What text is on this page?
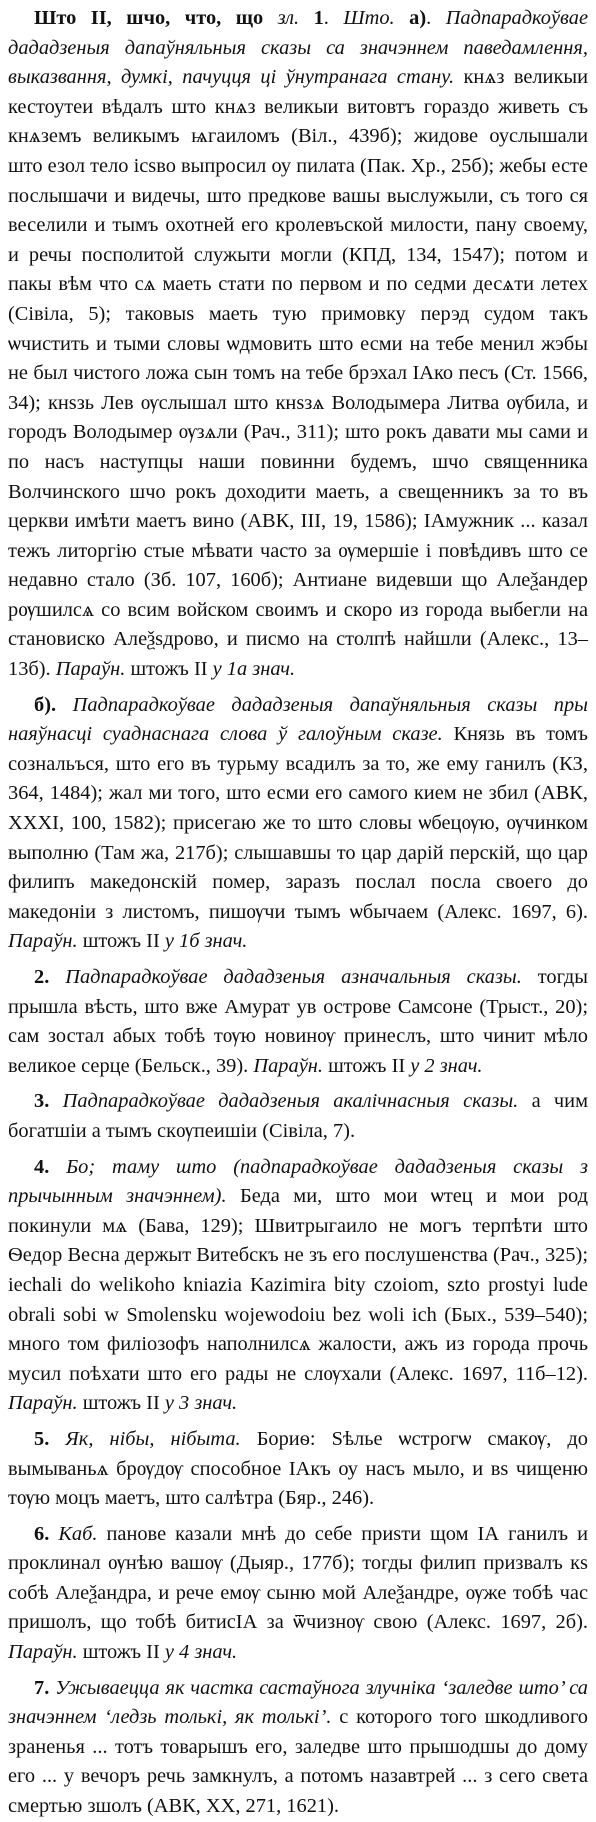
Што II, шчо, что, що зл. 1. Што. а). Падпарадкоўвае дададзеныя дапаўняльныя сказы са значэннем паведамлення, выказвання, думкі, пачуцця ці ўнутранага стану. кнѧз великыи кестоутеи вѣдалъ што кнѧз великыи витовтъ гораздо живеть съ кнѧземъ великымъ ѩгаиломъ (Віл., 439б); жидове оуслышали што езол тело ісѕво выпросил оу пилата (Пак. Хр., 25б); жебы есте послышачи и видечы, што предкове вашы выслужыли, съ того ся веселили и тымъ охотней его кролевъской милости, пану своему, и речы посполитой служыти могли (КПД, 134, 1547); потом и пакы вѣм что сѧ маеть стати по первом и по седми десѧти летех (Сівіла, 5); таковыѕ маеть тую примовку перэд судом такъ ѡчистить и тыми словы ѡдмовить што есми на тебе менил жэбы не был чистого ложа сын томъ на тебе брэхал ІАко песъ (Ст. 1566, 34); кнѕзь Лев ѹслышал што кнѕзѧ Володымера Литва ѹбила, и городъ Володымер ѹзѧли (Рач., 311); што рокъ давати мы сами и по насъ наступцы наши повинни будемъ, шчо священника Волчинского шчо рокъ доходити маеть, а свещенникъ за то въ церкви имѣти маетъ вино (АВК, III, 19, 1586); ІАмужник ... казал тежъ литоргію стые мѣвати часто за ѹмершіе і повѣдивъ што се недавно стало (Зб. 107, 160б); Антиане видевши що Алеѯандер рѹшилсѧ со всим войском своимъ и скоро из города выбегли на становиско Алеѯѕдрово, и писмо на столпѣ найшли (Алекс., 13–13б). Параўн. штожъ II у 1а знач.

б). Падпарадкоўвае дададзеныя дапаўняльныя сказы пры наяўнасці суаднаснага слова ў галоўным сказе. Князь въ томъ сознальъся, што его въ турьму всадилъ за то, же ему ганилъ (КЗ, 364, 1484); жал ми того, што есми его самого кием не збил (АВК, XXXI, 100, 1582); присегаю же то што словы ѡбецѹю, ѹчинком выполню (Там жа, 217б); слышавшы то цар дарій перскій, що цар филипъ македонскій помер, заразъ послал посла своего до македоніи з листомъ, пишѹчи тымъ ѡбычаем (Алекс. 1697, 6). Параўн. штожъ II у 1б знач.

2. Падпарадкоўвае дададзеныя азначальныя сказы. тогды прышла вѣсть, што вже Амурат ув острове Самсоне (Трыст., 20); сам зостал абых тобѣ тѹю новинѹ принеслъ, што чинит мѣло великое серце (Бельск., 39). Параўн. штожъ II у 2 знач.

3. Падпарадкоўвае дададзеныя акалічнасныя сказы. а чим богатшіи а тымъ скѹпеишіи (Сівіла, 7).

4. Бо; таму што (падпарадкоўвае дададзеныя сказы з прычынным значэннем). Беда ми, што мои ѡтец и мои род покинули мѧ (Бава, 129); Швитрыгаило не могъ терпѣти што Ѳедор Весна держыт Витебскъ не зъ его послушенства (Рач., 325); iechali do welikoho kniazia Kazimira bity czoiom, szto prostyi lude obrali sobi w Smolensku wojewodoiu bez woli ich (Бых., 539–540); много том филіозофъ наполнилсѧ жалости, ажъ из города прочь мусил поѣхати што его рады не слѹхали (Алекс. 1697, 11б–12). Параўн. штожъ II у 3 знач.

5. Як, нібы, нібыта. Бориѳ: Ѕѣлье ѡстрогѡ смакѹ, до вымываньѧ брѹдѹ способное ІАкъ оу насъ мыло, и вѕ чищеню тѹю моцъ маетъ, што салѣтра (Бяр., 246).

6. Каб. панове казали мнѣ до себе приѕти щом ІА ганилъ и проклинал ѹнѣю вашѹ (Дыяр., 177б); тогды филип призвалъ кѕ собѣ Алеѯандра, и рече емѹ сыню мой Алеѯандре, ѹже тобѣ час пришолъ, що тобѣ битисІА за ѿчизнѹ свою (Алекс. 1697, 2б). Параўн. штожъ II у 4 знач.

7. Ужываецца як частка састаўнога злучніка ‘заледве што’ са значэннем ‘ледзь толькі, як толькі’. с которого того шкодливого зраненья ... тотъ товарышъ его, заледве што прышодшы до дому его ... у вечоръ речь замкнулъ, а потомъ назавтрей ... з сего света смертью зшолъ (АВК, XX, 271, 1621).
